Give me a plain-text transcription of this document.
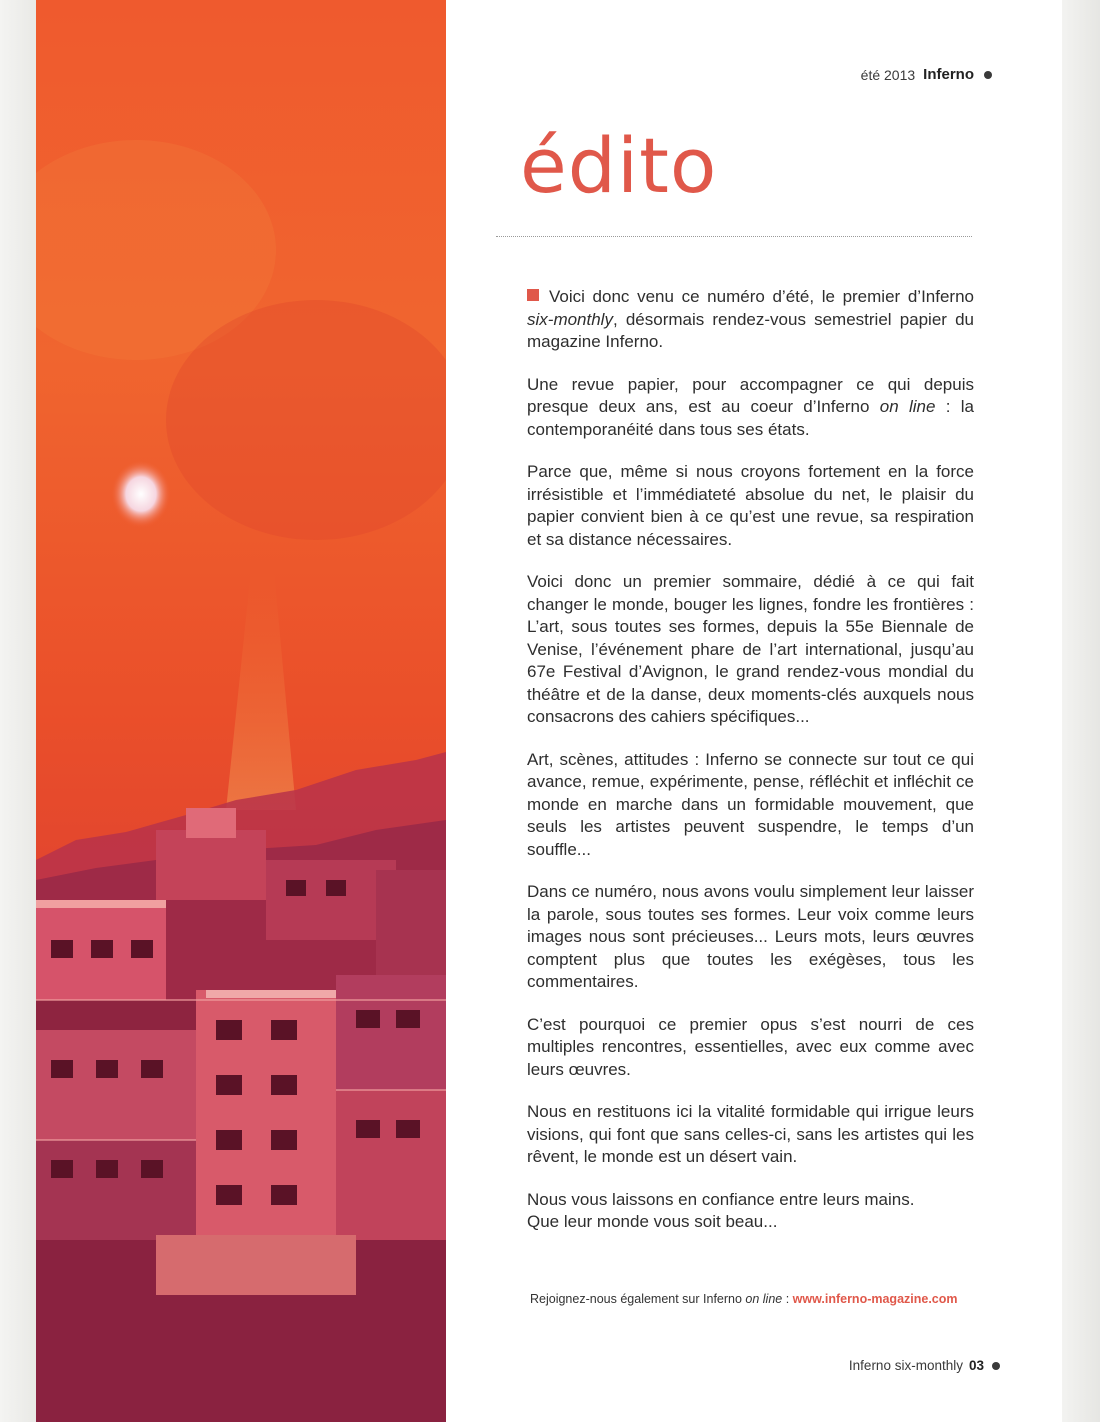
été 2013 Inferno
édito

Voici donc venu ce numéro d’été, le premier d’Inferno six-monthly, désormais rendez-vous semestriel papier du magazine Inferno.

Une revue papier, pour accompagner ce qui depuis presque deux ans, est au coeur d’Inferno on line : la contemporanéité dans tous ses états.

Parce que, même si nous croyons fortement en la force irrésistible et l’immédiateté absolue du net, le plaisir du papier convient bien à ce qu’est une revue, sa respiration et sa distance nécessaires.

Voici donc un premier sommaire, dédié à ce qui fait changer le monde, bouger les lignes, fondre les frontières : L’art, sous toutes ses formes, depuis la 55e Biennale de Venise, l’événement phare de l’art international, jusqu’au 67e Festival d’Avignon, le grand rendez-vous mondial du théâtre et de la danse, deux moments-clés auxquels nous consacrons des cahiers spécifiques...

Art, scènes, attitudes : Inferno se connecte sur tout ce qui avance, remue, expérimente, pense, réfléchit et infléchit ce monde en marche dans un formidable mouvement, que seuls les artistes peuvent suspendre, le temps d’un souffle...

Dans ce numéro, nous avons voulu simplement leur laisser la parole, sous toutes ses formes. Leur voix comme leurs images nous sont précieuses... Leurs mots, leurs œuvres comptent plus que toutes les exégèses, tous les commentaires.

C’est pourquoi ce premier opus s’est nourri de ces multiples rencontres, essentielles, avec eux comme avec leurs œuvres.

Nous en restituons ici la vitalité formidable qui irrigue leurs visions, qui font que sans celles-ci, sans les artistes qui les rêvent, le monde est un désert vain.

Nous vous laissons en confiance entre leurs mains.
Que leur monde vous soit beau...

Rejoignez-nous également sur Inferno on line : www.inferno-magazine.com
Inferno six-monthly 03
